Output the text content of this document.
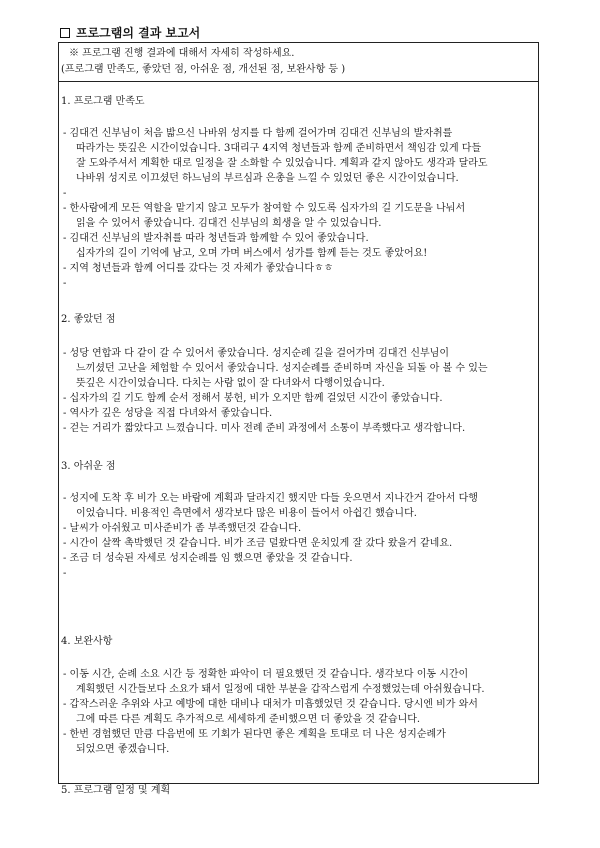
프로그램의 결과 보고서
※ 프로그램 진행 결과에 대해서 자세히 작성하세요.
(프로그램 만족도, 좋았던 점, 아쉬운 점, 개선된 점, 보완사항 등 )
1. 프로그램 만족도
- 김대건 신부님이 처음 밟으신 나바위 성지를 다 함께 걸어가며 김대건 신부님의 발자취를
따라가는 뜻깊은 시간이었습니다. 3대리구 4지역 청년들과 함께 준비하면서 책임감 있게 다들
잘 도와주셔서 계획한 대로 일정을 잘 소화할 수 있었습니다. 계획과 같지 않아도 생각과 달라도
나바위 성지로 이끄셨던 하느님의 부르심과 은총을 느낄 수 있었던 좋은 시간이었습니다.
-
- 한사람에게 모든 역할을 맡기지 않고 모두가 참여할 수 있도록 십자가의 길 기도문을 나눠서
읽을 수 있어서 좋았습니다. 김대건 신부님의 희생을 알 수 있었습니다.
- 김대건 신부님의 발자취를 따라 청년들과 함께할 수 있어 좋았습니다.
십자가의 길이 기억에 남고, 오며 가며 버스에서 성가를 함께 듣는 것도 좋았어요!
- 지역 청년들과 함께 어디를 갔다는 것 자체가 좋았습니다ㅎㅎ
-
2. 좋았던 점
- 성당 연합과 다 같이 갈 수 있어서 좋았습니다. 성지순례 길을 걸어가며 김대건 신부님이
느끼셨던 고난을 체험할 수 있어서 좋았습니다. 성지순례를 준비하며 자신을 되돌 아 볼 수 있는
뜻깊은 시간이었습니다. 다치는 사람 없이 잘 다녀와서 다행이었습니다.
- 십자가의 길 기도 함께 순서 정해서 봉헌, 비가 오지만 함께 걸었던 시간이 좋았습니다.
- 역사가 깊은 성당을 직접 다녀와서 좋았습니다.
- 걷는 거리가 짧았다고 느꼈습니다. 미사 전례 준비 과정에서 소통이 부족했다고 생각합니다.
3. 아쉬운 점
- 성지에 도착 후 비가 오는 바람에 계획과 달라지긴 했지만 다들 웃으면서 지나간거 같아서 다행
이었습니다. 비용적인 측면에서 생각보다 많은 비용이 들어서 아쉽긴 했습니다.
- 날씨가 아쉬웠고 미사준비가 좀 부족했던것 같습니다.
- 시간이 살짝 촉박했던 것 같습니다. 비가 조금 덜왔다면 운치있게 잘 갔다 왔을거 같네요.
- 조금 더 성숙된 자세로 성지순례를 임 했으면 좋았을 것 같습니다.
-
4. 보완사항
- 이동 시간, 순례 소요 시간 등 정확한 파악이 더 필요했던 것 같습니다. 생각보다 이동 시간이
계획했던 시간들보다 소요가 돼서 일정에 대한 부분을 갑작스럽게 수정했었는데 아쉬웠습니다.
- 갑작스러운 추위와 사고 예방에 대한 대비나 대처가 미흡했었던 것 같습니다. 당시엔 비가 와서
그에 따른 다른 계획도 추가적으로 세세하게 준비했으면 더 좋았을 것 같습니다.
- 한번 경험했던 만큼 다음번에 또 기회가 된다면 좋은 계획을 토대로 더 나은 성지순례가
되었으면 좋겠습니다.
5. 프로그램 일정 및 계획
